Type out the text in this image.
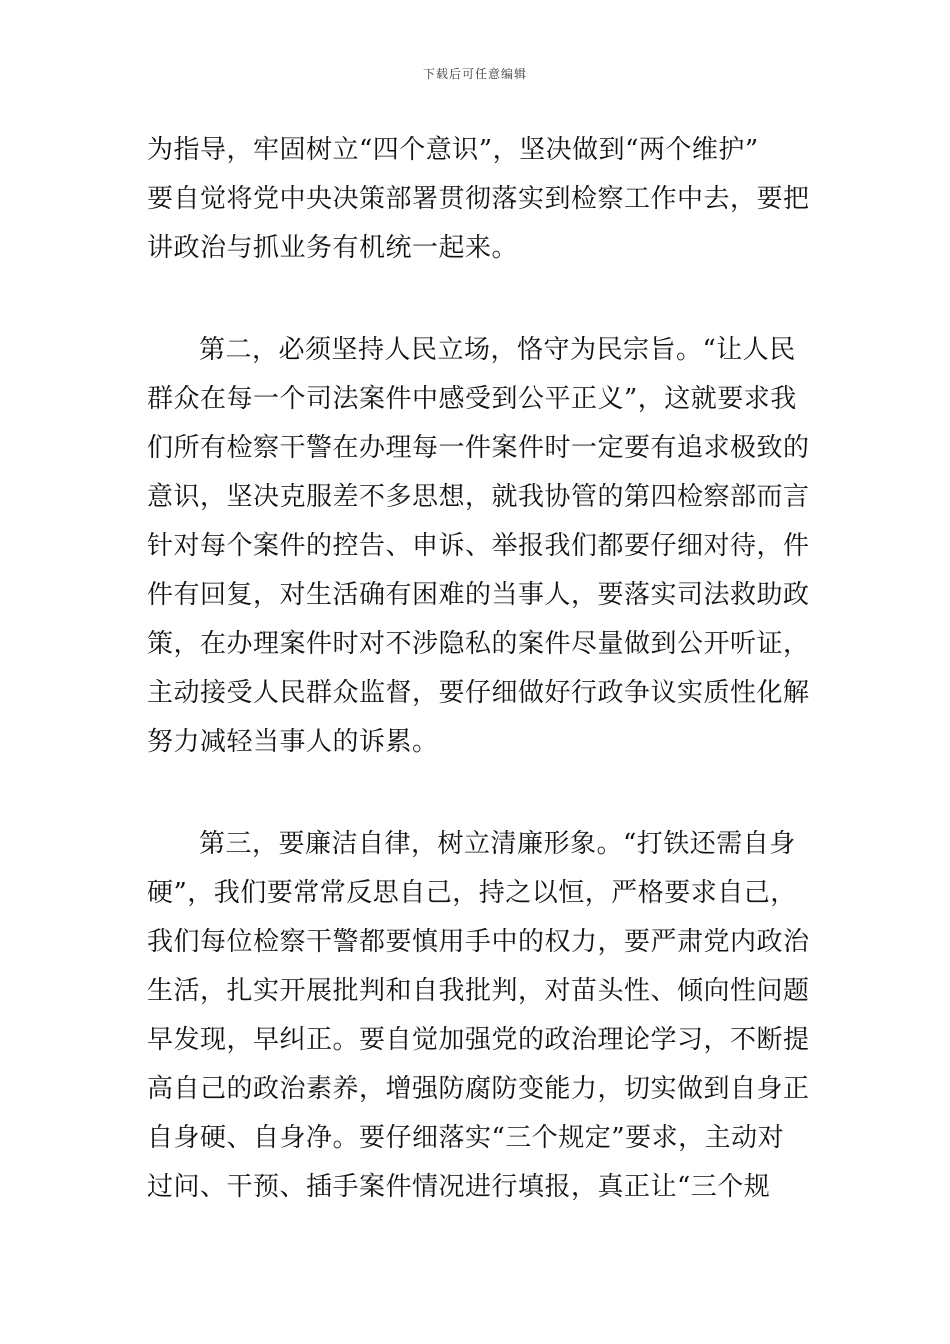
下载后可任意编辑
为指导，牢固树立“四个意识”，坚决做到“两个维护”
要自觉将党中央决策部署贯彻落实到检察工作中去，要把
讲政治与抓业务有机统一起来。
第二，必须坚持人民立场，恪守为民宗旨。“让人民
群众在每一个司法案件中感受到公平正义”，这就要求我
们所有检察干警在办理每一件案件时一定要有追求极致的
意识，坚决克服差不多思想，就我协管的第四检察部而言
针对每个案件的控告、申诉、举报我们都要仔细对待，件
件有回复，对生活确有困难的当事人，要落实司法救助政
策，在办理案件时对不涉隐私的案件尽量做到公开听证，
主动接受人民群众监督，要仔细做好行政争议实质性化解
努力减轻当事人的诉累。
第三，要廉洁自律，树立清廉形象。“打铁还需自身
硬”，我们要常常反思自己，持之以恒，严格要求自己，
我们每位检察干警都要慎用手中的权力，要严肃党内政治
生活，扎实开展批判和自我批判，对苗头性、倾向性问题
早发现，早纠正。要自觉加强党的政治理论学习，不断提
高自己的政治素养，增强防腐防变能力，切实做到自身正
自身硬、自身净。要仔细落实“三个规定”要求，主动对
过问、干预、插手案件情况进行填报，真正让“三个规
